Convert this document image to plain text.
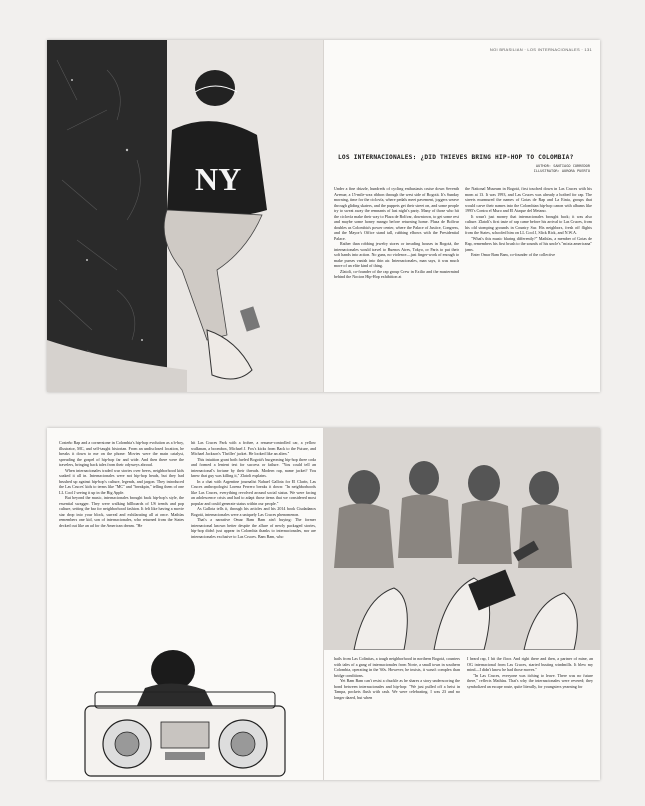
NY
NOI BRASILIAN · LOS INTERNACIONALES · 131
LOS INTERNACIONALES: ¿DID THIEVES BRING HIP-HOP TO COLOMBIA?
AUTHOR: SANTIAGO CORREDOR
ILLUSTRATOR: AURORA PUERTO

Under a fine drizzle, hundreds of cycling enthusiasts cruise down Seventh Avenue, a 15-mile-wax ribbon through the west side of Bogotá. It's Sunday morning, time for the ciclovía, where pedals meet pavement, joggers weave through gliding skaters, and the puppets get their street on, and some people try to sweat away the remnants of last night's party. Many of those who hit the ciclovía make their way to Plaza de Bolívar, downtown, to get some rest and maybe some honey mango before returning home. Plaza de Bolívar doubles as Colombia's power center, where the Palace of Justice, Congress, and the Mayor's Office stand tall, rubbing elbows with the Presidential Palace.

Rather than robbing jewelry stores or invading houses in Bogotá, the internacionales would travel to Buenos Aires, Tokyo, or Paris to put their soft hands into action. No guns, no violence—just finger-work of enough to make purses vanish into thin air. Internacionales, man says, it was much more of an elite kind of thing.

Zlatoli, co-founder of the rap group Crew in Exilio and the mastermind behind the Nocion Hip-Hop exhibition at

the National Museum in Bogotá, first touched down in Las Cruces with his mom at 13. It was 1993, and Las Cruces was already a hotbed for rap. The streets murmured the names of Gotas de Rap and La Etnia, groups that would carve their names into the Colombian hip-hop canon with albums like 1995's Contra el Muro and El Ataque del Metano.

It wasn't just money that internacionales brought back; it was also culture. Zlatoli's first taste of rap came before his arrival to Las Cruces, from his old stomping grounds in Country Sur. His neighbors, fresh off flights from the States, schooled him on LL Cool J, Slick Rick, and N.W.A.

"What's this music blaring differently?" Mathías, a member of Gotas de Rap, remembers his first brush to the sounds of his uncle's "mixta americana" jams.

Enter Omar Bam Bam, co-founder of the collective

Costeño Rap and a cornerstone in Colombia's hip-hop evolution as a b-boy, illustrator, MC, and self-taught historian. From an undisclosed location, he breaks it down to me on the phone: Movies were the main catalyst, spreading the gospel of hip-hop far and wide. And then there were the travelers, bringing back tales from their odysseys abroad.

When internacionales traded war stories over beers, neighborhood kids soaked it all in. Internacionales were not hip-hop heads, but they had brushed up against hip-hop's culture, legends, and jargon. They introduced the Las Cruces' kids to terms like "MC" and "breakpin," telling them of one LL Cool J seeing it up in the Big Apple.

But beyond the music, internacionales brought back hip-hop's style, the essential swagger. They were walking billboards of US trends and pop culture, setting the bar for neighborhood fashion. It felt like having a movie star drop into your block, surreal and exhilarating all at once. Mathías remembers one kid, son of internacionales, who returned from the States decked out like an ad for the American dream. "He

hit Las Cruces Park with a frohee, a resume-controlled car, a yellow walkman, a boombox, Michael J. Fox's kicks from Back to the Future, and Michael Jackson's 'Thriller' jacket. He looked like an alien."

This intuition grant both fueled Bogotá's burgeoning hip-hop three coda and formed a lenient test for success or failure. "You could tell an internacional's fortune by their threads. Modern rap, name jacket? You knew that guy was killing it," Zlatoli explains.

In a chat with Argentine journalist Nahuel Gallota for El Clarín, Las Cruces anthropologist Lorena Ferrero breaks it down: "In neighborhoods like Las Cruces, everything revolved around social status. We were facing an adolescence crisis and had to adapt those items that we considered most popular and could generate status within our people."

As Gallota tells it, through his articles and his 2014 book Ciudadanos Bogotá, internacionales were a uniquely Las Cruces phenomenon.

That's a narrative Omar Bam Bam ain't buying: The former internacional known better despite the allure of newly packaged stories, hip-hop didn't just appear in Colombia thanks to internacionales, nor are internacionales exclusive to Las Cruces. Bam Bam, who

hails from Las Colinitas, a tough neighborhood in northern Bogotá, counters with tales of a gang of internacionales from Norte, a small town in southern Colombia, operating in the '60s. However, he insists, it wasn't complex than bridge conditions.

Yet Bam Bam can't resist a chuckle as he shares a story underscoring the bond between internacionales and hip-hop: "We just pulled off a heist in Tampa, pockets flush with cash. We were celebrating. I was 23 and no longer dazed, but when

I heard rap, I hit the floor. And right there and then, a partner of mine, an OG internacional from Las Cruces, started busting windmills. It blew my mind—I didn't know he had those moves."

"In Las Cruces, everyone was itching to leave. There was no future there," reflects Mathías. That's why the internacionales were revered; they symbolized an escape route, quite literally, for youngsters yearning for
